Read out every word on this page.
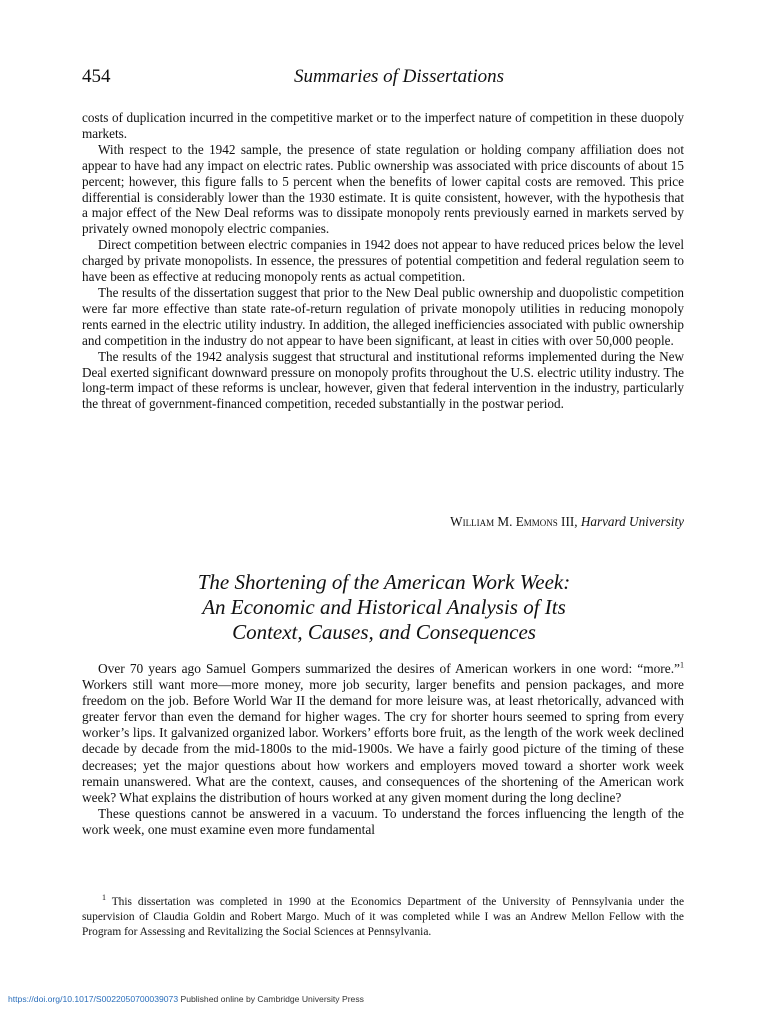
454	Summaries of Dissertations

costs of duplication incurred in the competitive market or to the imperfect nature of competition in these duopoly markets.

With respect to the 1942 sample, the presence of state regulation or holding company affiliation does not appear to have had any impact on electric rates. Public ownership was associated with price discounts of about 15 percent; however, this figure falls to 5 percent when the benefits of lower capital costs are removed. This price differential is considerably lower than the 1930 estimate. It is quite consistent, however, with the hypothesis that a major effect of the New Deal reforms was to dissipate monopoly rents previously earned in markets served by privately owned monopoly electric companies.

Direct competition between electric companies in 1942 does not appear to have reduced prices below the level charged by private monopolists. In essence, the pressures of potential competition and federal regulation seem to have been as effective at reducing monopoly rents as actual competition.

The results of the dissertation suggest that prior to the New Deal public ownership and duopolistic competition were far more effective than state rate-of-return regulation of private monopoly utilities in reducing monopoly rents earned in the electric utility industry. In addition, the alleged inefficiencies associated with public ownership and competition in the industry do not appear to have been significant, at least in cities with over 50,000 people.

The results of the 1942 analysis suggest that structural and institutional reforms implemented during the New Deal exerted significant downward pressure on monopoly profits throughout the U.S. electric utility industry. The long-term impact of these reforms is unclear, however, given that federal intervention in the industry, particularly the threat of government-financed competition, receded substantially in the postwar period.

William M. Emmons III, Harvard University
The Shortening of the American Work Week:
An Economic and Historical Analysis of Its
Context, Causes, and Consequences

Over 70 years ago Samuel Gompers summarized the desires of American workers in one word: “more.”$^1$ Workers still want more—more money, more job security, larger benefits and pension packages, and more freedom on the job. Before World War II the demand for more leisure was, at least rhetorically, advanced with greater fervor than even the demand for higher wages. The cry for shorter hours seemed to spring from every worker’s lips. It galvanized organized labor. Workers’ efforts bore fruit, as the length of the work week declined decade by decade from the mid-1800s to the mid-1900s. We have a fairly good picture of the timing of these decreases; yet the major questions about how workers and employers moved toward a shorter work week remain unanswered. What are the context, causes, and consequences of the shortening of the American work week? What explains the distribution of hours worked at any given moment during the long decline?

These questions cannot be answered in a vacuum. To understand the forces influencing the length of the work week, one must examine even more fundamental

$^1$ This dissertation was completed in 1990 at the Economics Department of the University of Pennsylvania under the supervision of Claudia Goldin and Robert Margo. Much of it was completed while I was an Andrew Mellon Fellow with the Program for Assessing and Revitalizing the Social Sciences at Pennsylvania.

https://doi.org/10.1017/S0022050700039073 Published online by Cambridge University Press
